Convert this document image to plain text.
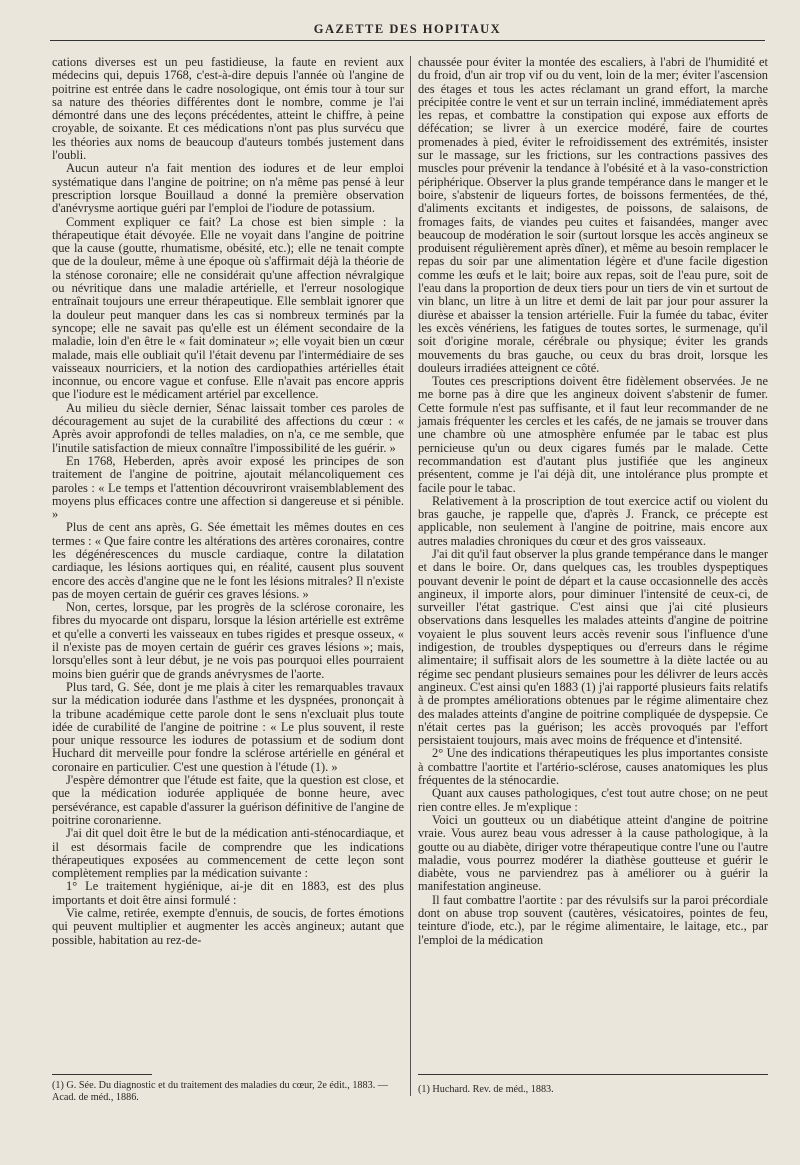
GAZETTE DES HOPITAUX

cations diverses est un peu fastidieuse, la faute en revient aux médecins qui, depuis 1768, c'est-à-dire depuis l'année où l'angine de poitrine est entrée dans le cadre nosologique, ont émis tour à tour sur sa nature des théories différentes dont le nombre, comme je l'ai démontré dans une des leçons précédentes, atteint le chiffre, à peine croyable, de soixante. Et ces médications n'ont pas plus survécu que les théories aux noms de beaucoup d'auteurs tombés justement dans l'oubli.

Aucun auteur n'a fait mention des iodures et de leur emploi systématique dans l'angine de poitrine; on n'a même pas pensé à leur prescription lorsque Bouillaud a donné la première observation d'anévrysme aortique guéri par l'emploi de l'iodure de potassium.

Comment expliquer ce fait? La chose est bien simple : la thérapeutique était dévoyée. Elle ne voyait dans l'angine de poitrine que la cause (goutte, rhumatisme, obésité, etc.); elle ne tenait compte que de la douleur, même à une époque où s'affirmait déjà la théorie de la sténose coronaire; elle ne considérait qu'une affection névralgique ou névritique dans une maladie artérielle, et l'erreur nosologique entraînait toujours une erreur thérapeutique. Elle semblait ignorer que la douleur peut manquer dans les cas si nombreux terminés par la syncope; elle ne savait pas qu'elle est un élément secondaire de la maladie, loin d'en être le « fait dominateur »; elle voyait bien un cœur malade, mais elle oubliait qu'il l'était devenu par l'intermédiaire de ses vaisseaux nourriciers, et la notion des cardiopathies artérielles était inconnue, ou encore vague et confuse. Elle n'avait pas encore appris que l'iodure est le médicament artériel par excellence.

Au milieu du siècle dernier, Sénac laissait tomber ces paroles de découragement au sujet de la curabilité des affections du cœur : « Après avoir approfondi de telles maladies, on n'a, ce me semble, que l'inutile satisfaction de mieux connaître l'impossibilité de les guérir. »

En 1768, Heberden, après avoir exposé les principes de son traitement de l'angine de poitrine, ajoutait mélancoliquement ces paroles : « Le temps et l'attention découvriront vraisemblablement des moyens plus efficaces contre une affection si dangereuse et si pénible. »

Plus de cent ans après, G. Sée émettait les mêmes doutes en ces termes : « Que faire contre les altérations des artères coronaires, contre les dégénérescences du muscle cardiaque, contre la dilatation cardiaque, les lésions aortiques qui, en réalité, causent plus souvent encore des accès d'angine que ne le font les lésions mitrales? Il n'existe pas de moyen certain de guérir ces graves lésions. »

Non, certes, lorsque, par les progrès de la sclérose coronaire, les fibres du myocarde ont disparu, lorsque la lésion artérielle est extrême et qu'elle a converti les vaisseaux en tubes rigides et presque osseux, « il n'existe pas de moyen certain de guérir ces graves lésions »; mais, lorsqu'elles sont à leur début, je ne vois pas pourquoi elles pourraient moins bien guérir que de grands anévrysmes de l'aorte.

Plus tard, G. Sée, dont je me plais à citer les remarquables travaux sur la médication iodurée dans l'asthme et les dyspnées, prononçait à la tribune académique cette parole dont le sens n'excluait plus toute idée de curabilité de l'angine de poitrine : « Le plus souvent, il reste pour unique ressource les iodures de potassium et de sodium dont Huchard dit merveille pour fondre la sclérose artérielle en général et coronaire en particulier. C'est une question à l'étude (1). »

J'espère démontrer que l'étude est faite, que la question est close, et que la médication iodurée appliquée de bonne heure, avec persévérance, est capable d'assurer la guérison définitive de l'angine de poitrine coronarienne.

J'ai dit quel doit être le but de la médication anti-sténocardiaque, et il est désormais facile de comprendre que les indications thérapeutiques exposées au commencement de cette leçon sont complètement remplies par la médication suivante :

1° Le traitement hygiénique, ai-je dit en 1883, est des plus importants et doit être ainsi formulé :

Vie calme, retirée, exempte d'ennuis, de soucis, de fortes émotions qui peuvent multiplier et augmenter les accès angineux; autant que possible, habitation au rez-de-

chaussée pour éviter la montée des escaliers, à l'abri de l'humidité et du froid, d'un air trop vif ou du vent, loin de la mer; éviter l'ascension des étages et tous les actes réclamant un grand effort, la marche précipitée contre le vent et sur un terrain incliné, immédiatement après les repas, et combattre la constipation qui expose aux efforts de défécation; se livrer à un exercice modéré, faire de courtes promenades à pied, éviter le refroidissement des extrémités, insister sur le massage, sur les frictions, sur les contractions passives des muscles pour prévenir la tendance à l'obésité et à la vaso-constriction périphérique. Observer la plus grande tempérance dans le manger et le boire, s'abstenir de liqueurs fortes, de boissons fermentées, de thé, d'aliments excitants et indigestes, de poissons, de salaisons, de fromages faits, de viandes peu cuites et faisandées, manger avec beaucoup de modération le soir (surtout lorsque les accès angineux se produisent régulièrement après dîner), et même au besoin remplacer le repas du soir par une alimentation légère et d'une facile digestion comme les œufs et le lait; boire aux repas, soit de l'eau pure, soit de l'eau dans la proportion de deux tiers pour un tiers de vin et surtout de vin blanc, un litre à un litre et demi de lait par jour pour assurer la diurèse et abaisser la tension artérielle. Fuir la fumée du tabac, éviter les excès vénériens, les fatigues de toutes sortes, le surmenage, qu'il soit d'origine morale, cérébrale ou physique; éviter les grands mouvements du bras gauche, ou ceux du bras droit, lorsque les douleurs irradiées atteignent ce côté.

Toutes ces prescriptions doivent être fidèlement observées. Je ne me borne pas à dire que les angineux doivent s'abstenir de fumer. Cette formule n'est pas suffisante, et il faut leur recommander de ne jamais fréquenter les cercles et les cafés, de ne jamais se trouver dans une chambre où une atmosphère enfumée par le tabac est plus pernicieuse qu'un ou deux cigares fumés par le malade. Cette recommandation est d'autant plus justifiée que les angineux présentent, comme je l'ai déjà dit, une intolérance plus prompte et facile pour le tabac.

Relativement à la proscription de tout exercice actif ou violent du bras gauche, je rappelle que, d'après J. Franck, ce précepte est applicable, non seulement à l'angine de poitrine, mais encore aux autres maladies chroniques du cœur et des gros vaisseaux.

J'ai dit qu'il faut observer la plus grande tempérance dans le manger et dans le boire. Or, dans quelques cas, les troubles dyspeptiques pouvant devenir le point de départ et la cause occasionnelle des accès angineux, il importe alors, pour diminuer l'intensité de ceux-ci, de surveiller l'état gastrique. C'est ainsi que j'ai cité plusieurs observations dans lesquelles les malades atteints d'angine de poitrine voyaient le plus souvent leurs accès revenir sous l'influence d'une indigestion, de troubles dyspeptiques ou d'erreurs dans le régime alimentaire; il suffisait alors de les soumettre à la diète lactée ou au régime sec pendant plusieurs semaines pour les délivrer de leurs accès angineux. C'est ainsi qu'en 1883 (1) j'ai rapporté plusieurs faits relatifs à de promptes améliorations obtenues par le régime alimentaire chez des malades atteints d'angine de poitrine compliquée de dyspepsie. Ce n'était certes pas la guérison; les accès provoqués par l'effort persistaient toujours, mais avec moins de fréquence et d'intensité.

2° Une des indications thérapeutiques les plus importantes consiste à combattre l'aortite et l'artério-sclérose, causes anatomiques les plus fréquentes de la sténocardie.

Quant aux causes pathologiques, c'est tout autre chose; on ne peut rien contre elles. Je m'explique :

Voici un goutteux ou un diabétique atteint d'angine de poitrine vraie. Vous aurez beau vous adresser à la cause pathologique, à la goutte ou au diabète, diriger votre thérapeutique contre l'une ou l'autre maladie, vous pourrez modérer la diathèse goutteuse et guérir le diabète, vous ne parviendrez pas à améliorer ou à guérir la manifestation angineuse.

Il faut combattre l'aortite : par des révulsifs sur la paroi précordiale dont on abuse trop souvent (cautères, vésicatoires, pointes de feu, teinture d'iode, etc.), par le régime alimentaire, le laitage, etc., par l'emploi de la médication

(1) G. Sée. Du diagnostic et du traitement des maladies du cœur, 2e édit., 1883. — Acad. de méd., 1886.
(1) Huchard. Rev. de méd., 1883.
